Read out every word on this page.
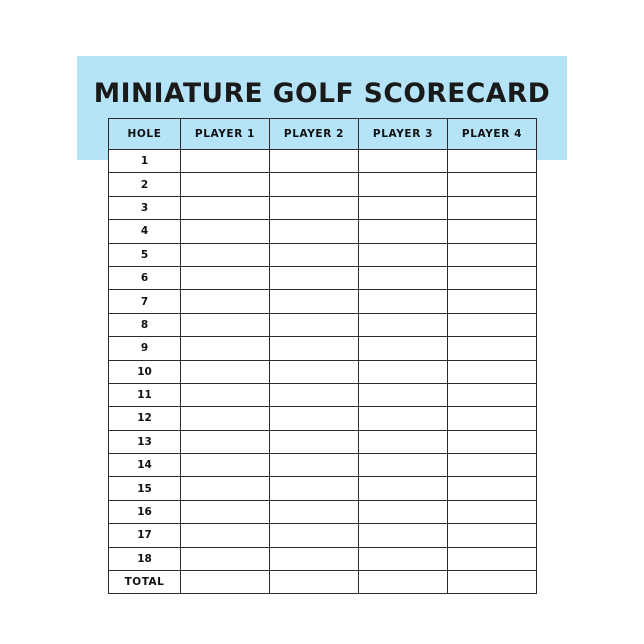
MINIATURE GOLF SCORECARD
HOLE	PLAYER 1	PLAYER 2	PLAYER 3	PLAYER 4
1				
2				
3				
4				
5				
6				
7				
8				
9				
10				
11				
12				
13				
14				
15				
16				
17				
18				
TOTAL				
